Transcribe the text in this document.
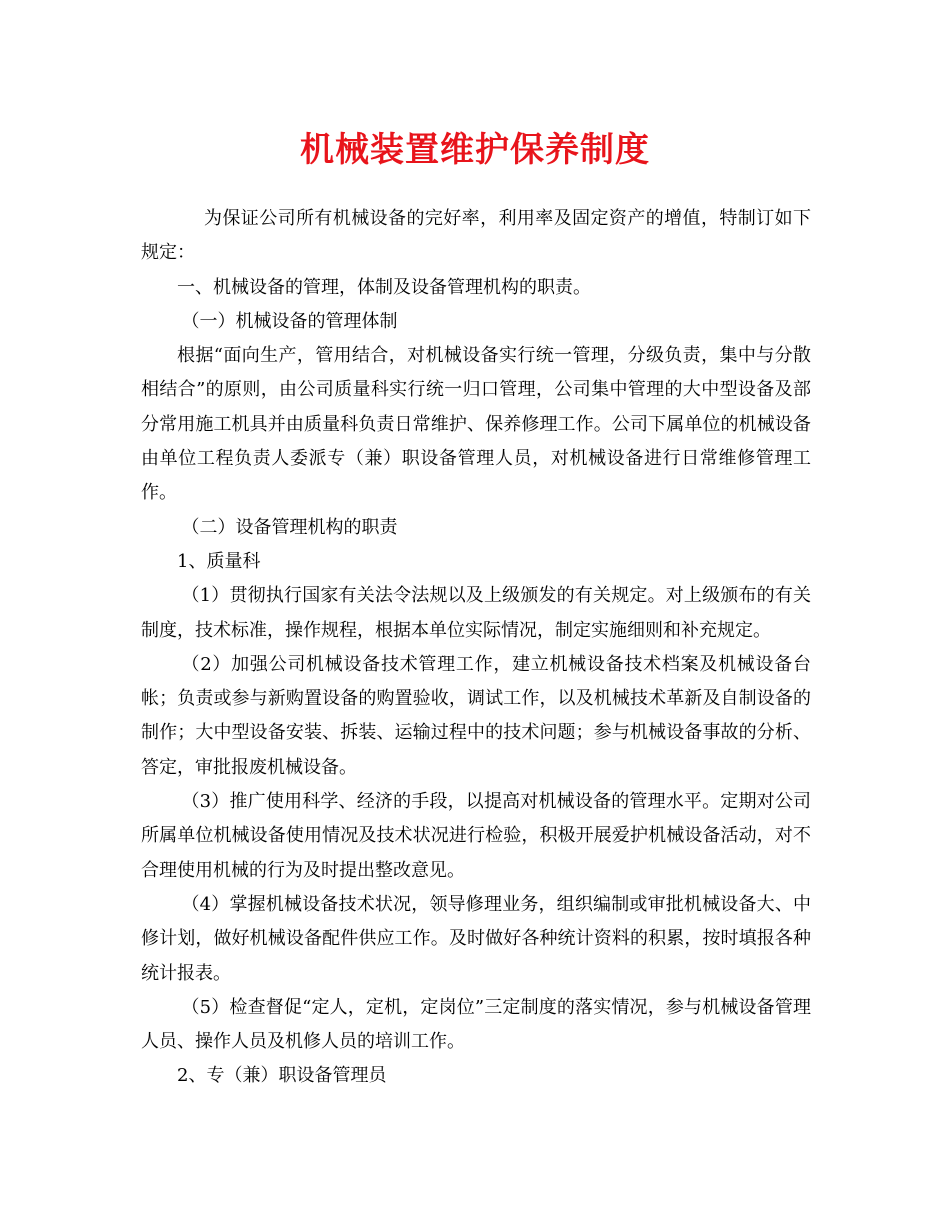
机械装置维护保养制度

为保证公司所有机械设备的完好率，利用率及固定资产的增值，特制订如下规定：

一、机械设备的管理，体制及设备管理机构的职责。

（一）机械设备的管理体制

根据“面向生产，管用结合，对机械设备实行统一管理，分级负责，集中与分散相结合”的原则，由公司质量科实行统一归口管理，公司集中管理的大中型设备及部分常用施工机具并由质量科负责日常维护、保养修理工作。公司下属单位的机械设备由单位工程负责人委派专（兼）职设备管理人员，对机械设备进行日常维修管理工作。

（二）设备管理机构的职责

1、质量科

（1）贯彻执行国家有关法令法规以及上级颁发的有关规定。对上级颁布的有关制度，技术标准，操作规程，根据本单位实际情况，制定实施细则和补充规定。

（2）加强公司机械设备技术管理工作，建立机械设备技术档案及机械设备台帐；负责或参与新购置设备的购置验收，调试工作，以及机械技术革新及自制设备的制作；大中型设备安装、拆装、运输过程中的技术问题；参与机械设备事故的分析、答定，审批报废机械设备。

（3）推广使用科学、经济的手段，以提高对机械设备的管理水平。定期对公司所属单位机械设备使用情况及技术状况进行检验，积极开展爱护机械设备活动，对不合理使用机械的行为及时提出整改意见。

（4）掌握机械设备技术状况，领导修理业务，组织编制或审批机械设备大、中修计划，做好机械设备配件供应工作。及时做好各种统计资料的积累，按时填报各种统计报表。

（5）检查督促“定人，定机，定岗位”三定制度的落实情况，参与机械设备管理人员、操作人员及机修人员的培训工作。

2、专（兼）职设备管理员
